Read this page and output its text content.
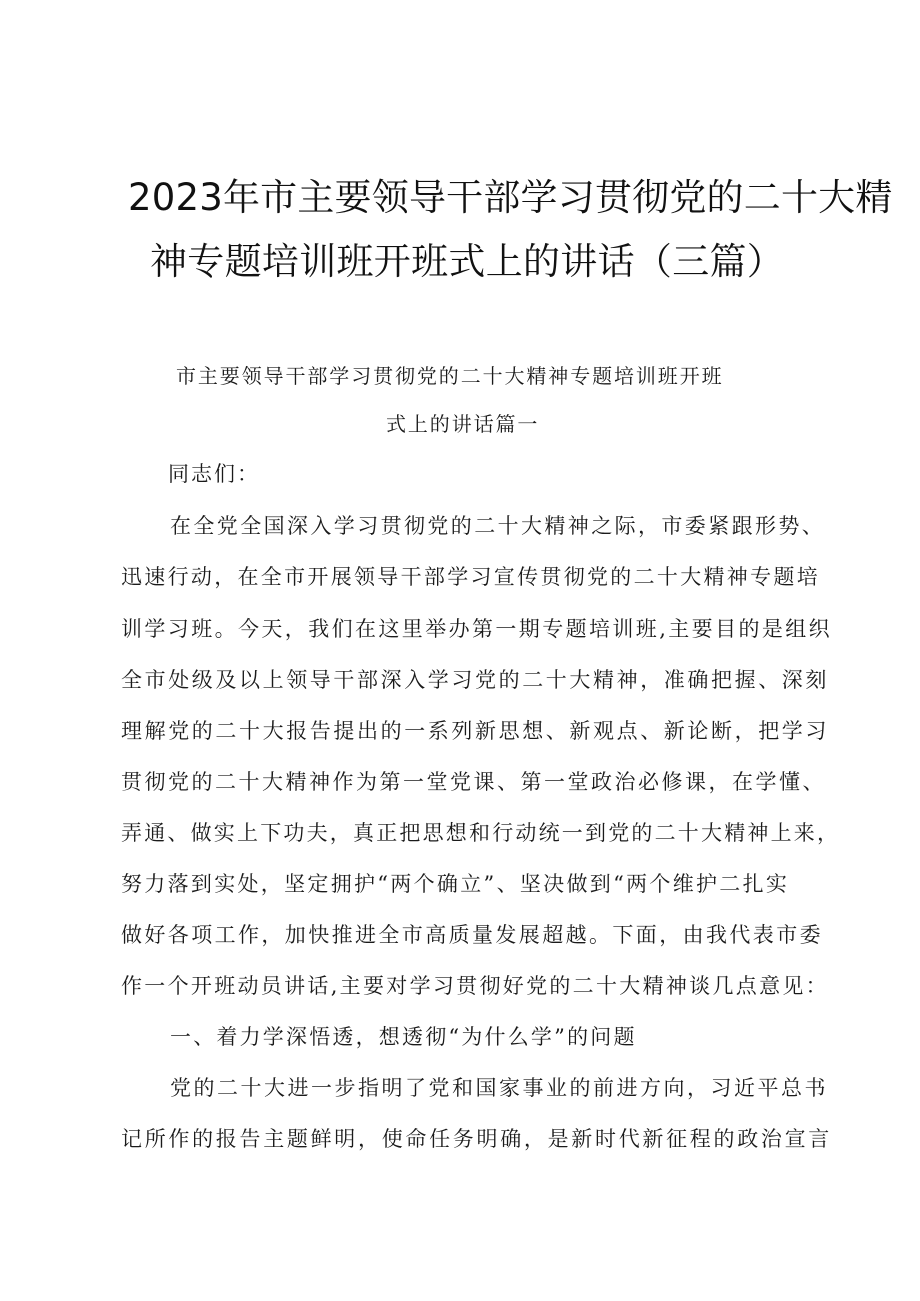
2023年市主要领导干部学习贯彻党的二十大精
神专题培训班开班式上的讲话（三篇）
市主要领导干部学习贯彻党的二十大精神专题培训班开班
式上的讲话篇一
同志们：
在全党全国深入学习贯彻党的二十大精神之际，市委紧跟形势、
迅速行动，在全市开展领导干部学习宣传贯彻党的二十大精神专题培
训学习班。今天，我们在这里举办第一期专题培训班,主要目的是组织
全市处级及以上领导干部深入学习党的二十大精神，准确把握、深刻
理解党的二十大报告提出的一系列新思想、新观点、新论断，把学习
贯彻党的二十大精神作为第一堂党课、第一堂政治必修课，在学懂、
弄通、做实上下功夫，真正把思想和行动统一到党的二十大精神上来，
努力落到实处，坚定拥护“两个确立”、坚决做到“两个维护二扎实
做好各项工作，加快推进全市高质量发展超越。下面，由我代表市委
作一个开班动员讲话,主要对学习贯彻好党的二十大精神谈几点意见：
一、着力学深悟透，想透彻“为什么学”的问题
党的二十大进一步指明了党和国家事业的前进方向，习近平总书
记所作的报告主题鲜明，使命任务明确，是新时代新征程的政治宣言
